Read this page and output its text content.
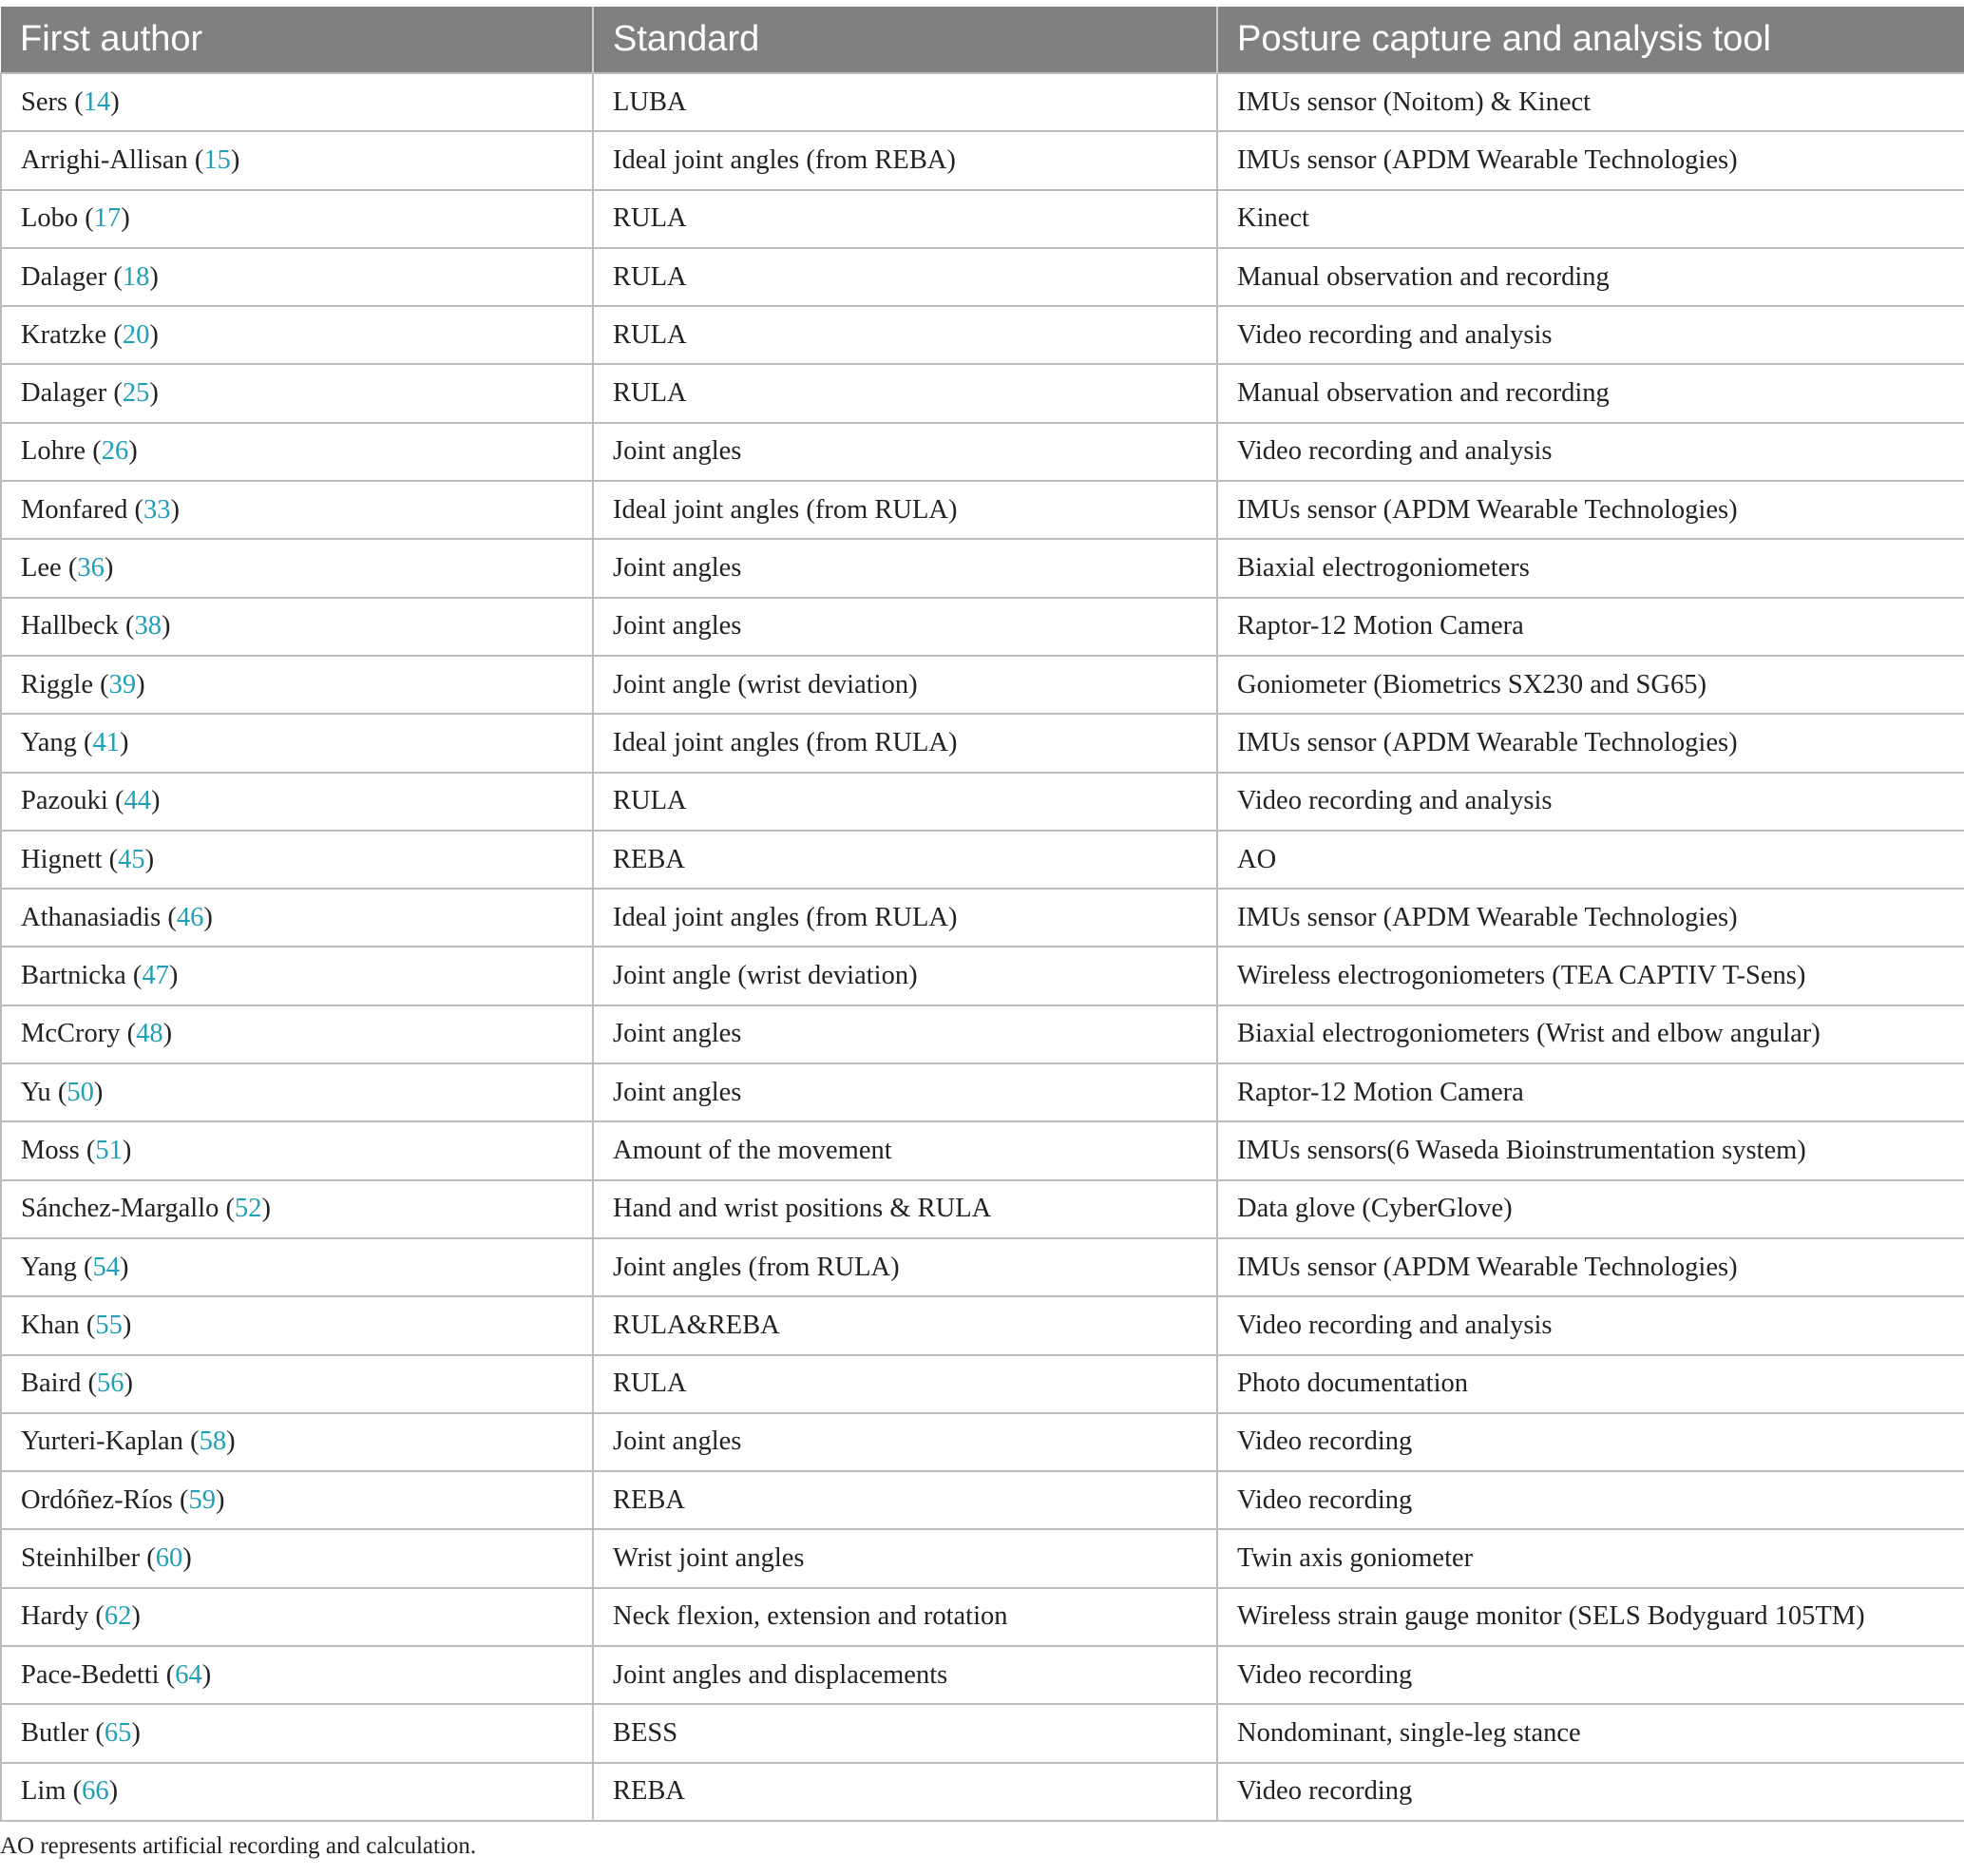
First author	Standard	Posture capture and analysis tool
Sers (14)	LUBA	IMUs sensor (Noitom) & Kinect
Arrighi-Allisan (15)	Ideal joint angles (from REBA)	IMUs sensor (APDM Wearable Technologies)
Lobo (17)	RULA	Kinect
Dalager (18)	RULA	Manual observation and recording
Kratzke (20)	RULA	Video recording and analysis
Dalager (25)	RULA	Manual observation and recording
Lohre (26)	Joint angles	Video recording and analysis
Monfared (33)	Ideal joint angles (from RULA)	IMUs sensor (APDM Wearable Technologies)
Lee (36)	Joint angles	Biaxial electrogoniometers
Hallbeck (38)	Joint angles	Raptor-12 Motion Camera
Riggle (39)	Joint angle (wrist deviation)	Goniometer (Biometrics SX230 and SG65)
Yang (41)	Ideal joint angles (from RULA)	IMUs sensor (APDM Wearable Technologies)
Pazouki (44)	RULA	Video recording and analysis
Hignett (45)	REBA	AO
Athanasiadis (46)	Ideal joint angles (from RULA)	IMUs sensor (APDM Wearable Technologies)
Bartnicka (47)	Joint angle (wrist deviation)	Wireless electrogoniometers (TEA CAPTIV T-Sens)
McCrory (48)	Joint angles	Biaxial electrogoniometers (Wrist and elbow angular)
Yu (50)	Joint angles	Raptor-12 Motion Camera
Moss (51)	Amount of the movement	IMUs sensors(6 Waseda Bioinstrumentation system)
Sánchez-Margallo (52)	Hand and wrist positions & RULA	Data glove (CyberGlove)
Yang (54)	Joint angles (from RULA)	IMUs sensor (APDM Wearable Technologies)
Khan (55)	RULA&REBA	Video recording and analysis
Baird (56)	RULA	Photo documentation
Yurteri-Kaplan (58)	Joint angles	Video recording
Ordóñez-Ríos (59)	REBA	Video recording
Steinhilber (60)	Wrist joint angles	Twin axis goniometer
Hardy (62)	Neck flexion, extension and rotation	Wireless strain gauge monitor (SELS Bodyguard 105TM)
Pace-Bedetti (64)	Joint angles and displacements	Video recording
Butler (65)	BESS	Nondominant, single-leg stance
Lim (66)	REBA	Video recording
AO represents artificial recording and calculation.
